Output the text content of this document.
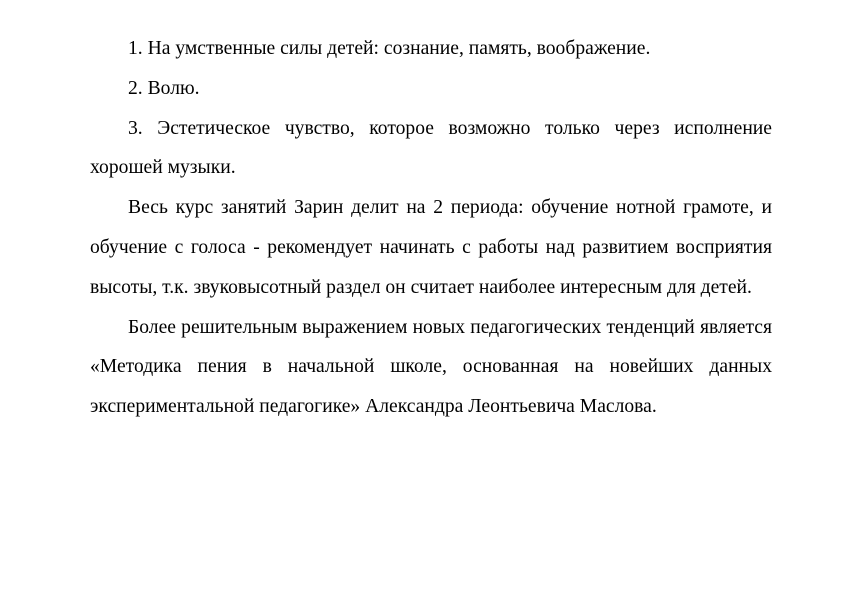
1. На умственные силы детей: сознание, память, воображение.

2. Волю.

3. Эстетическое чувство, которое возможно только через исполнение хорошей музыки.

Весь курс занятий Зарин делит на 2 периода: обучение нотной грамоте, и обучение с голоса - рекомендует начинать с работы над развитием восприятия высоты, т.к. звуковысотный раздел он считает наиболее интересным для детей.

Более решительным выражением новых педагогических тенденций является «Методика пения в начальной школе, основанная на новейших данных экспериментальной педагогике» Александра Леонтьевича Маслова.
